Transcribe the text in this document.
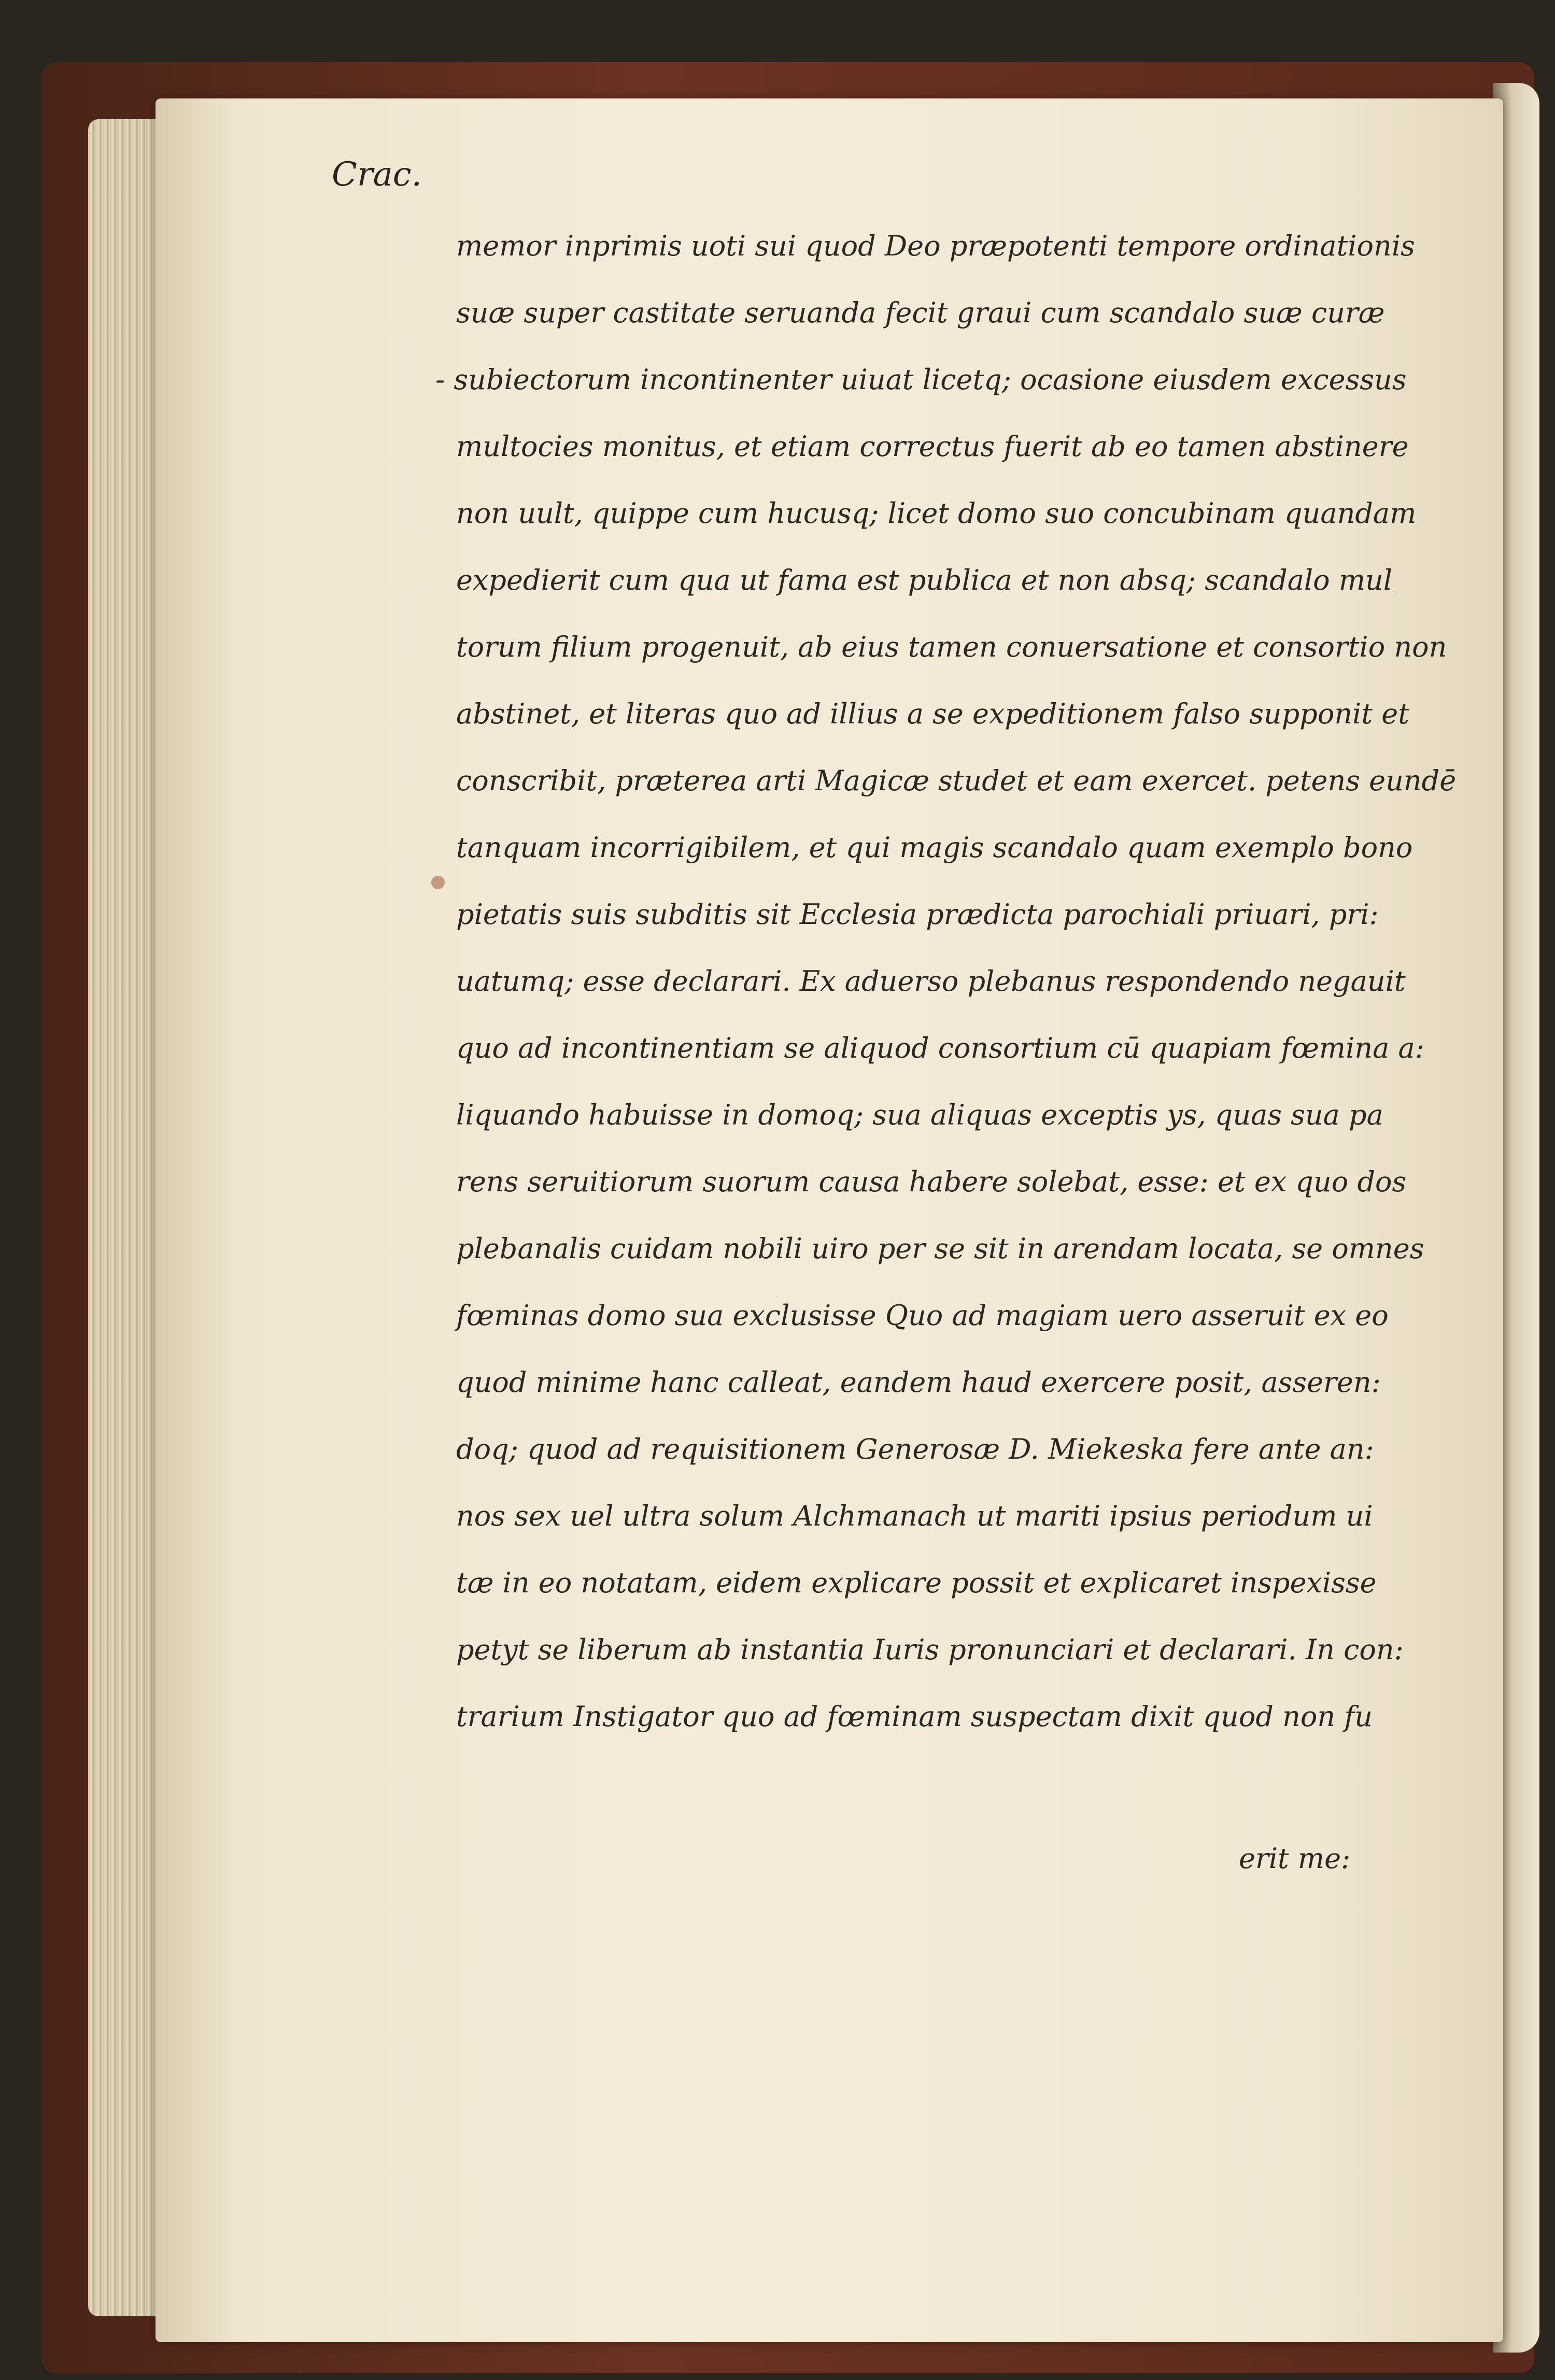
Crac.
memor inprimis uoti sui quod Deo præpotenti tempore ordinationis
suæ super castitate seruanda fecit graui cum scandalo suæ curæ
- subiectorum incontinenter uiuat licetq; ocasione eiusdem excessus
multocies monitus, et etiam correctus fuerit ab eo tamen abstinere
non uult, quippe cum hucusq; licet domo suo concubinam quandam
expedierit cum qua ut fama est publica et non absq; scandalo mul
torum filium progenuit, ab eius tamen conuersatione et consortio non
abstinet, et literas quo ad illius a se expeditionem falso supponit et
conscribit, præterea arti Magicæ studet et eam exercet. petens eundē
tanquam incorrigibilem, et qui magis scandalo quam exemplo bono
pietatis suis subditis sit Ecclesia prædicta parochiali priuari, pri:
uatumq; esse declarari. Ex aduerso plebanus respondendo negauit
quo ad incontinentiam se aliquod consortium cū quapiam fœmina a:
liquando habuisse in domoq; sua aliquas exceptis ys, quas sua pa
rens seruitiorum suorum causa habere solebat, esse: et ex quo dos
plebanalis cuidam nobili uiro per se sit in arendam locata, se omnes
fœminas domo sua exclusisse Quo ad magiam uero asseruit ex eo
quod minime hanc calleat, eandem haud exercere posit, asseren:
doq; quod ad requisitionem Generosæ D. Miekeska fere ante an:
nos sex uel ultra solum Alchmanach ut mariti ipsius periodum ui
tæ in eo notatam, eidem explicare possit et explicaret inspexisse
petyt se liberum ab instantia Iuris pronunciari et declarari. In con:
trarium Instigator quo ad fœminam suspectam dixit quod non fu
erit me:
